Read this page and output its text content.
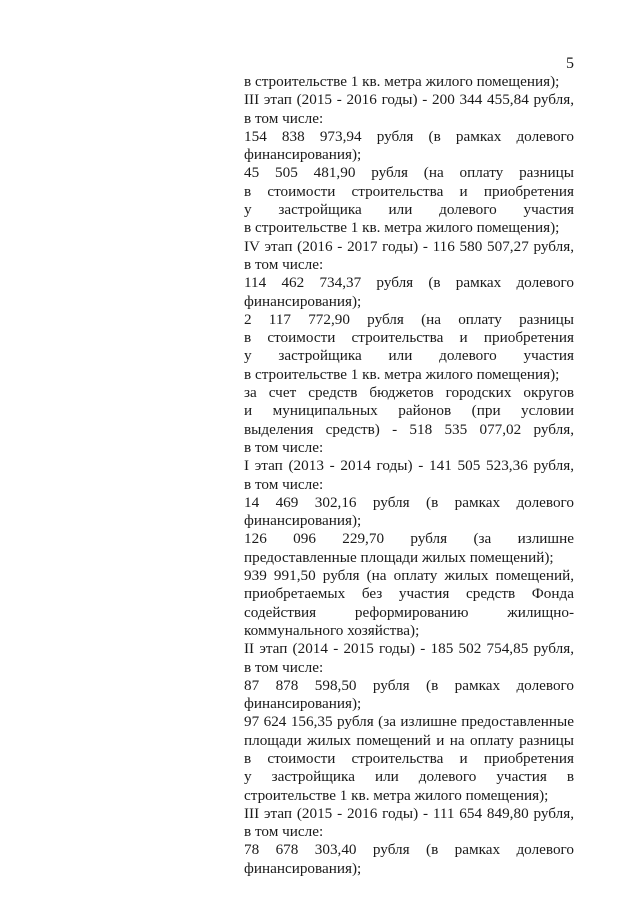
5
в строительстве 1 кв. метра жилого помещения);
III этап (2015 - 2016 годы) - 200 344 455,84 рубля,
в том числе:
154 838 973,94 рубля (в рамках долевого
финансирования);
45 505 481,90 рубля (на оплату разницы
в стоимости строительства и приобретения
у застройщика или долевого участия
в строительстве 1 кв. метра жилого помещения);
IV этап (2016 - 2017 годы) - 116 580 507,27 рубля,
в том числе:
114 462 734,37 рубля (в рамках долевого
финансирования);
2 117 772,90 рубля (на оплату разницы
в стоимости строительства и приобретения
у застройщика или долевого участия
в строительстве 1 кв. метра жилого помещения);
за счет средств бюджетов городских округов
и муниципальных районов (при условии
выделения средств) - 518 535 077,02 рубля,
в том числе:
I этап (2013 - 2014 годы) - 141 505 523,36 рубля,
в том числе:
14 469 302,16 рубля (в рамках долевого
финансирования);
126 096 229,70 рубля (за излишне
предоставленные площади жилых помещений);
939 991,50 рубля (на оплату жилых помещений,
приобретаемых без участия средств Фонда
содействия реформированию жилищно-
коммунального хозяйства);
II этап (2014 - 2015 годы) - 185 502 754,85 рубля,
в том числе:
87 878 598,50 рубля (в рамках долевого
финансирования);
97 624 156,35 рубля (за излишне предоставленные
площади жилых помещений и на оплату разницы
в стоимости строительства и приобретения
у застройщика или долевого участия в
строительстве 1 кв. метра жилого помещения);
III этап (2015 - 2016 годы) - 111 654 849,80 рубля,
в том числе:
78 678 303,40 рубля (в рамках долевого
финансирования);
